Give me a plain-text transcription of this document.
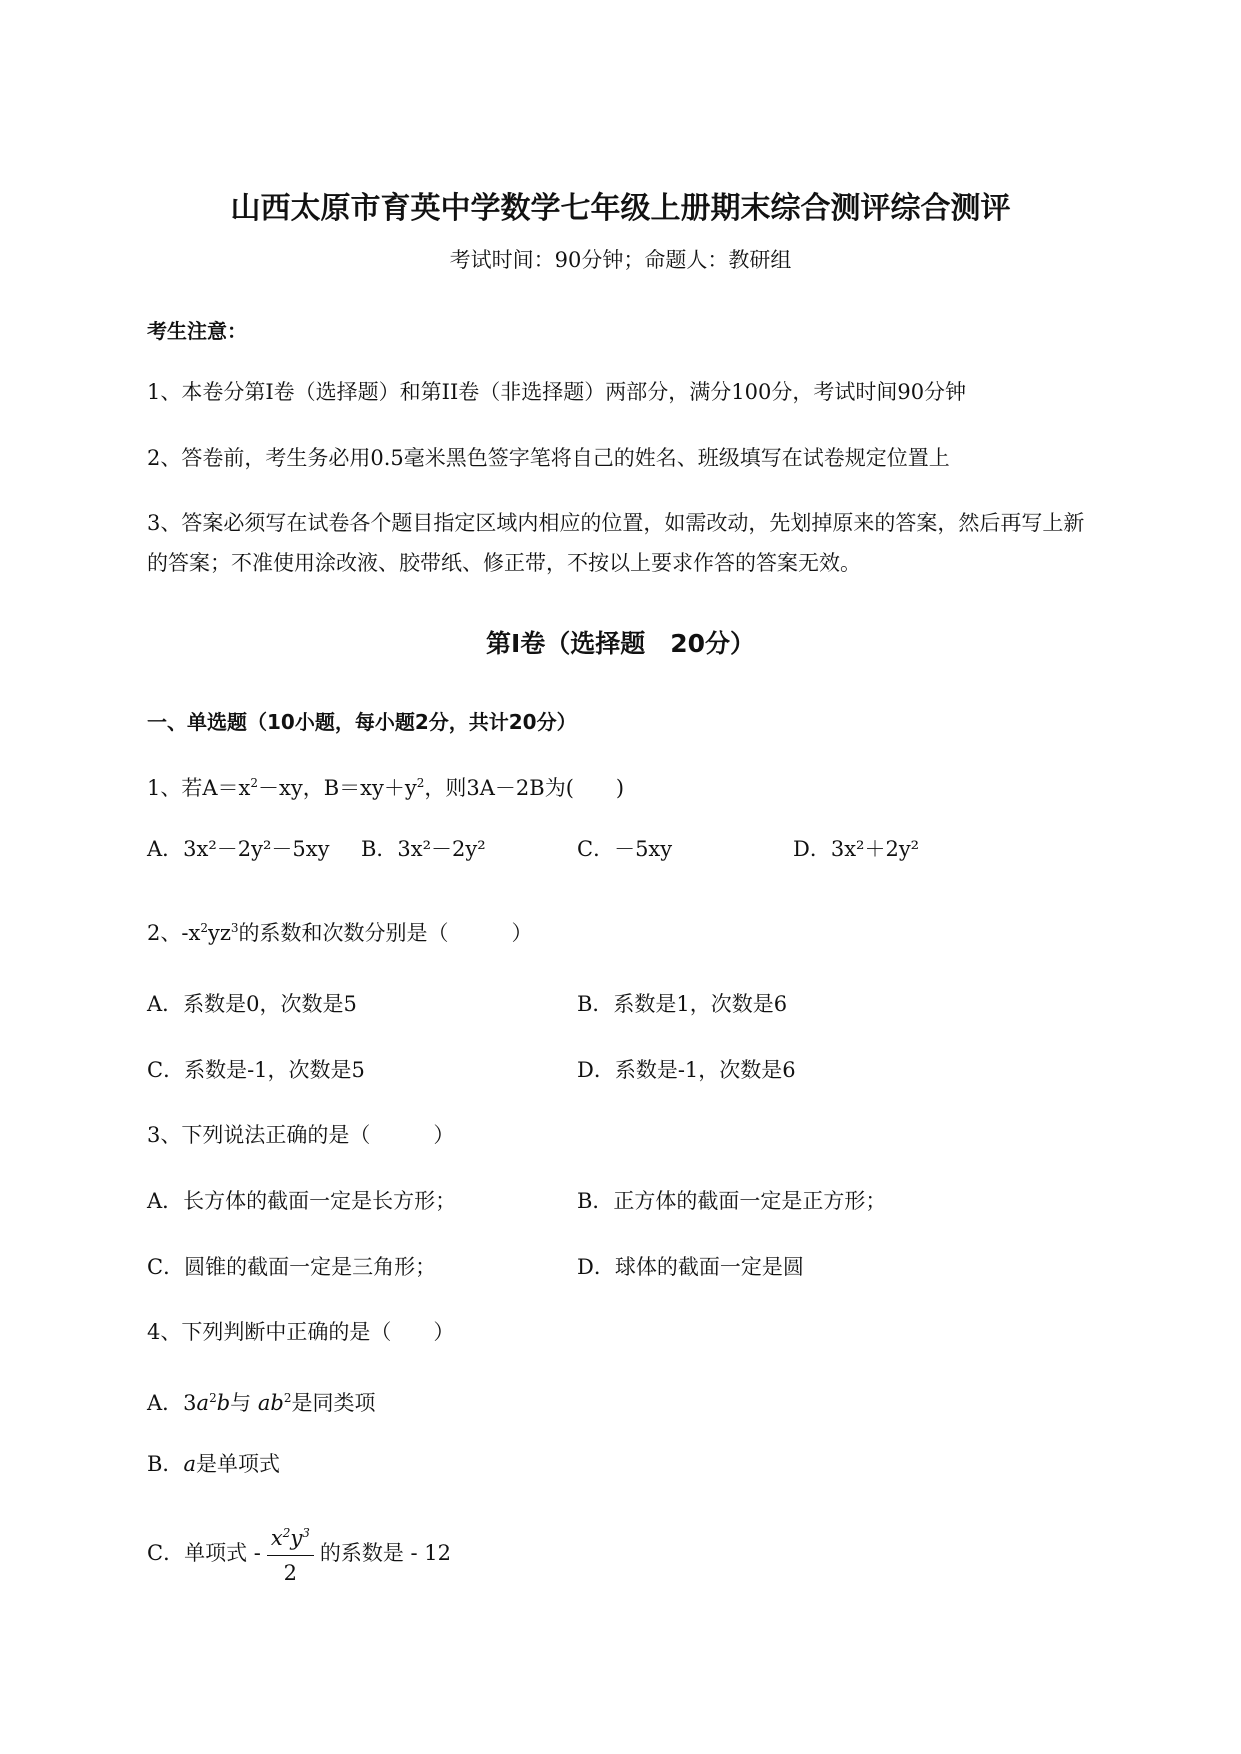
山西太原市育英中学数学七年级上册期末综合测评综合测评
考试时间：90分钟；命题人：教研组
考生注意：
1、本卷分第I卷（选择题）和第II卷（非选择题）两部分，满分100分，考试时间90分钟
2、答卷前，考生务必用0.5毫米黑色签字笔将自己的姓名、班级填写在试卷规定位置上
3、答案必须写在试卷各个题目指定区域内相应的位置，如需改动，先划掉原来的答案，然后再写上新
的答案；不准使用涂改液、胶带纸、修正带，不按以上要求作答的答案无效。
第I卷（选择题　20分）
一、单选题（10小题，每小题2分，共计20分）
1、若$A=x^2-xy$，$B=xy+y^2$，则3A－2B为(　　)
A．3x²－2y²－5xy B．3x²－2y²	C．－5xy	D．3x²＋2y²
2、$-x^2yz^3$的系数和次数分别是（　　　）
A．系数是0，次数是5	B．系数是1，次数是6
C．系数是-1，次数是5	D．系数是-1，次数是6
3、下列说法正确的是（　　　）
A．长方体的截面一定是长方形；	B．正方体的截面一定是正方形；
C．圆锥的截面一定是三角形；	D．球体的截面一定是圆
4、下列判断中正确的是（　　）
A．$3a^2b$与 $ab^2$是同类项
B．a是单项式
C．单项式 - $\frac{x^2y^3}{2}$ 的系数是 - 12
